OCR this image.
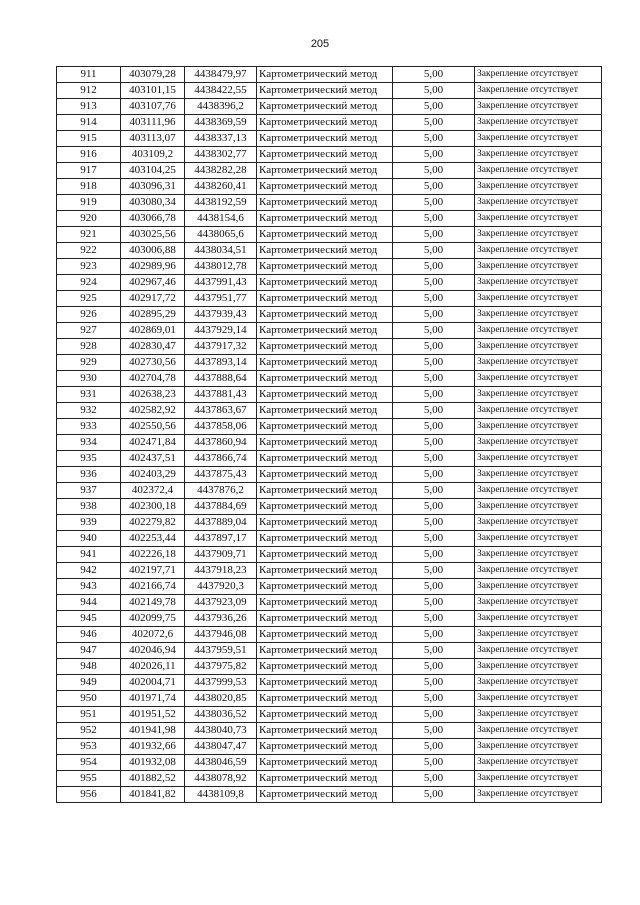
205
911	403079,28	4438479,97	Картометрический метод	5,00	Закрепление отсутствует
912	403101,15	4438422,55	Картометрический метод	5,00	Закрепление отсутствует
913	403107,76	4438396,2	Картометрический метод	5,00	Закрепление отсутствует
914	403111,96	4438369,59	Картометрический метод	5,00	Закрепление отсутствует
915	403113,07	4438337,13	Картометрический метод	5,00	Закрепление отсутствует
916	403109,2	4438302,77	Картометрический метод	5,00	Закрепление отсутствует
917	403104,25	4438282,28	Картометрический метод	5,00	Закрепление отсутствует
918	403096,31	4438260,41	Картометрический метод	5,00	Закрепление отсутствует
919	403080,34	4438192,59	Картометрический метод	5,00	Закрепление отсутствует
920	403066,78	4438154,6	Картометрический метод	5,00	Закрепление отсутствует
921	403025,56	4438065,6	Картометрический метод	5,00	Закрепление отсутствует
922	403006,88	4438034,51	Картометрический метод	5,00	Закрепление отсутствует
923	402989,96	4438012,78	Картометрический метод	5,00	Закрепление отсутствует
924	402967,46	4437991,43	Картометрический метод	5,00	Закрепление отсутствует
925	402917,72	4437951,77	Картометрический метод	5,00	Закрепление отсутствует
926	402895,29	4437939,43	Картометрический метод	5,00	Закрепление отсутствует
927	402869,01	4437929,14	Картометрический метод	5,00	Закрепление отсутствует
928	402830,47	4437917,32	Картометрический метод	5,00	Закрепление отсутствует
929	402730,56	4437893,14	Картометрический метод	5,00	Закрепление отсутствует
930	402704,78	4437888,64	Картометрический метод	5,00	Закрепление отсутствует
931	402638,23	4437881,43	Картометрический метод	5,00	Закрепление отсутствует
932	402582,92	4437863,67	Картометрический метод	5,00	Закрепление отсутствует
933	402550,56	4437858,06	Картометрический метод	5,00	Закрепление отсутствует
934	402471,84	4437860,94	Картометрический метод	5,00	Закрепление отсутствует
935	402437,51	4437866,74	Картометрический метод	5,00	Закрепление отсутствует
936	402403,29	4437875,43	Картометрический метод	5,00	Закрепление отсутствует
937	402372,4	4437876,2	Картометрический метод	5,00	Закрепление отсутствует
938	402300,18	4437884,69	Картометрический метод	5,00	Закрепление отсутствует
939	402279,82	4437889,04	Картометрический метод	5,00	Закрепление отсутствует
940	402253,44	4437897,17	Картометрический метод	5,00	Закрепление отсутствует
941	402226,18	4437909,71	Картометрический метод	5,00	Закрепление отсутствует
942	402197,71	4437918,23	Картометрический метод	5,00	Закрепление отсутствует
943	402166,74	4437920,3	Картометрический метод	5,00	Закрепление отсутствует
944	402149,78	4437923,09	Картометрический метод	5,00	Закрепление отсутствует
945	402099,75	4437936,26	Картометрический метод	5,00	Закрепление отсутствует
946	402072,6	4437946,08	Картометрический метод	5,00	Закрепление отсутствует
947	402046,94	4437959,51	Картометрический метод	5,00	Закрепление отсутствует
948	402026,11	4437975,82	Картометрический метод	5,00	Закрепление отсутствует
949	402004,71	4437999,53	Картометрический метод	5,00	Закрепление отсутствует
950	401971,74	4438020,85	Картометрический метод	5,00	Закрепление отсутствует
951	401951,52	4438036,52	Картометрический метод	5,00	Закрепление отсутствует
952	401941,98	4438040,73	Картометрический метод	5,00	Закрепление отсутствует
953	401932,66	4438047,47	Картометрический метод	5,00	Закрепление отсутствует
954	401932,08	4438046,59	Картометрический метод	5,00	Закрепление отсутствует
955	401882,52	4438078,92	Картометрический метод	5,00	Закрепление отсутствует
956	401841,82	4438109,8	Картометрический метод	5,00	Закрепление отсутствует
